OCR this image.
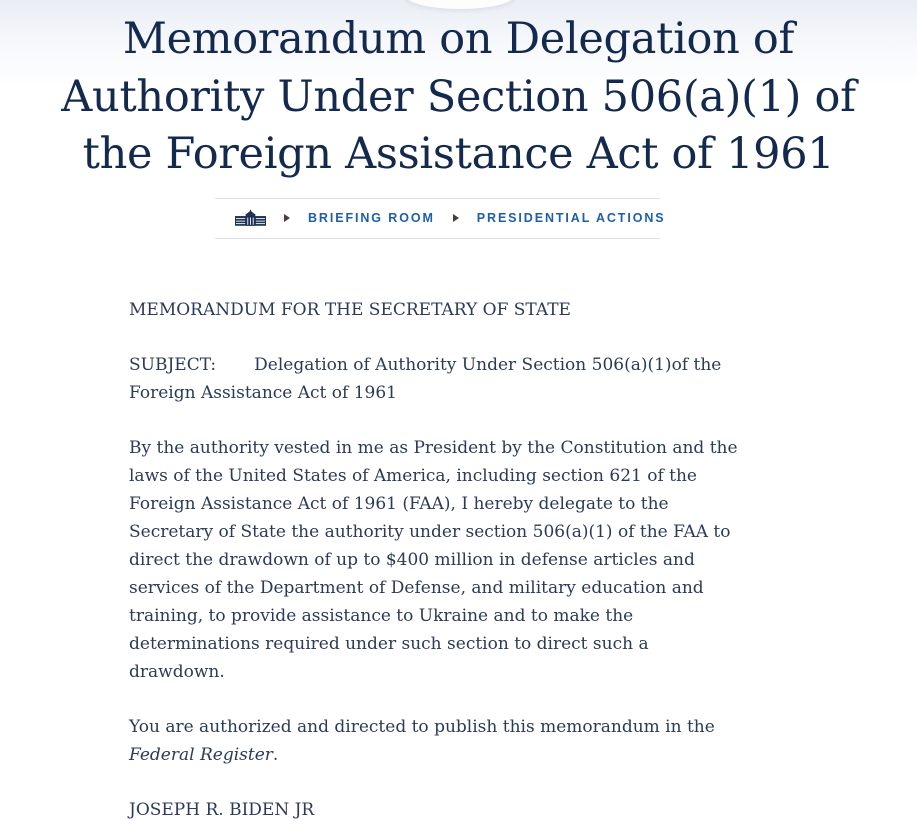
Memorandum on Delegation of
Authority Under Section 506(a)(1) of
the Foreign Assistance Act of 1961
BRIEFING ROOM	PRESIDENTIAL ACTIONS

MEMORANDUM FOR THE SECRETARY OF STATE

SUBJECT: Delegation of Authority Under Section 506(a)(1)of the Foreign Assistance Act of 1961

By the authority vested in me as President by the Constitution and the laws of the United States of America, including section 621 of the Foreign Assistance Act of 1961 (FAA), I hereby delegate to the Secretary of State the authority under section 506(a)(1) of the FAA to direct the drawdown of up to $400 million in defense articles and services of the Department of Defense, and military education and training, to provide assistance to Ukraine and to make the determinations required under such section to direct such a drawdown.

You are authorized and directed to publish this memorandum in the Federal Register.

JOSEPH R. BIDEN JR
